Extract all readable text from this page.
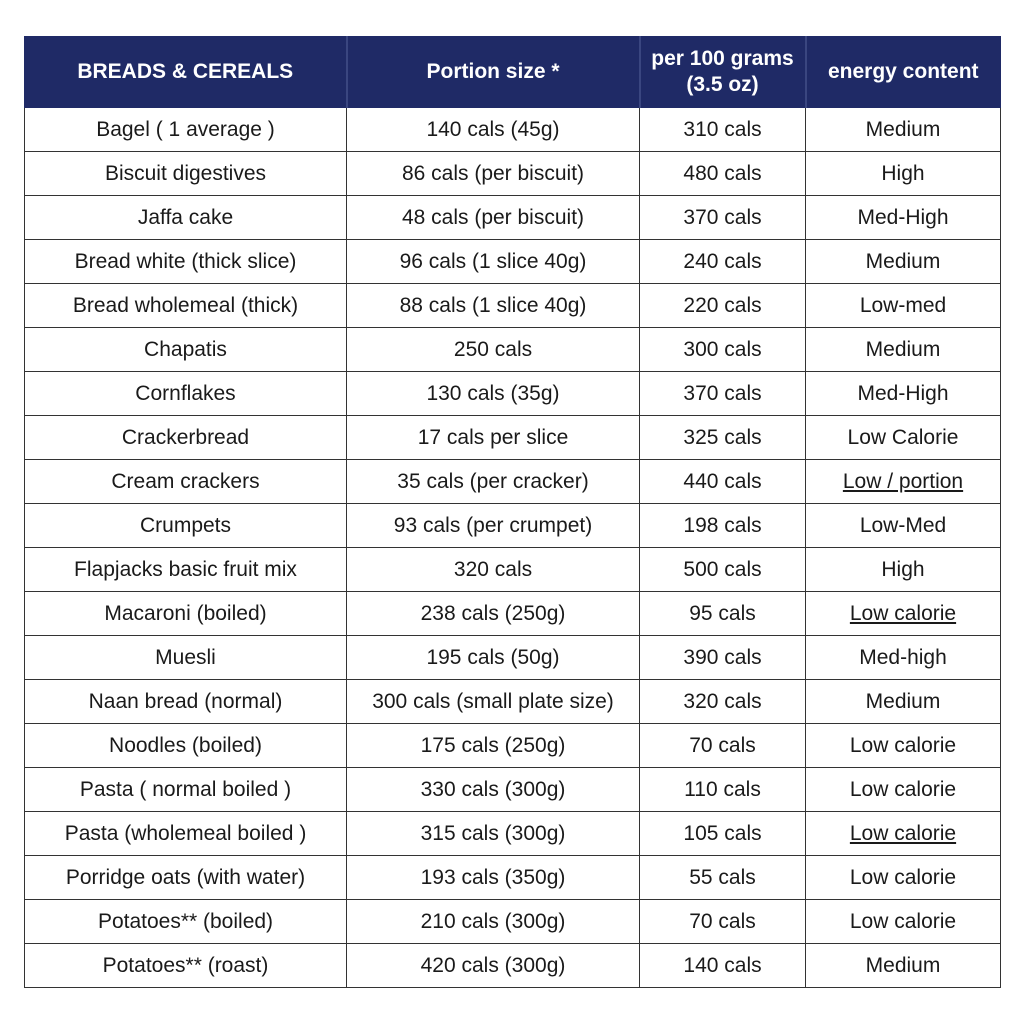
BREADS & CEREALS	Portion size *	per 100 grams (3.5 oz)	energy content
Bagel ( 1 average )	140 cals (45g)	310 cals	Medium
Biscuit digestives	86 cals (per biscuit)	480 cals	High
Jaffa cake	48 cals (per biscuit)	370 cals	Med-High
Bread white (thick slice)	96 cals (1 slice 40g)	240 cals	Medium
Bread wholemeal (thick)	88 cals (1 slice 40g)	220 cals	Low-med
Chapatis	250 cals	300 cals	Medium
Cornflakes	130 cals (35g)	370 cals	Med-High
Crackerbread	17 cals per slice	325 cals	Low Calorie
Cream crackers	35 cals (per cracker)	440 cals	Low / portion
Crumpets	93 cals (per crumpet)	198 cals	Low-Med
Flapjacks basic fruit mix	320 cals	500 cals	High
Macaroni (boiled)	238 cals (250g)	95 cals	Low calorie
Muesli	195 cals (50g)	390 cals	Med-high
Naan bread (normal)	300 cals (small plate size)	320 cals	Medium
Noodles (boiled)	175 cals (250g)	70 cals	Low calorie
Pasta ( normal boiled )	330 cals (300g)	110 cals	Low calorie
Pasta (wholemeal boiled )	315 cals (300g)	105 cals	Low calorie
Porridge oats (with water)	193 cals (350g)	55 cals	Low calorie
Potatoes** (boiled)	210 cals (300g)	70 cals	Low calorie
Potatoes** (roast)	420 cals (300g)	140 cals	Medium
